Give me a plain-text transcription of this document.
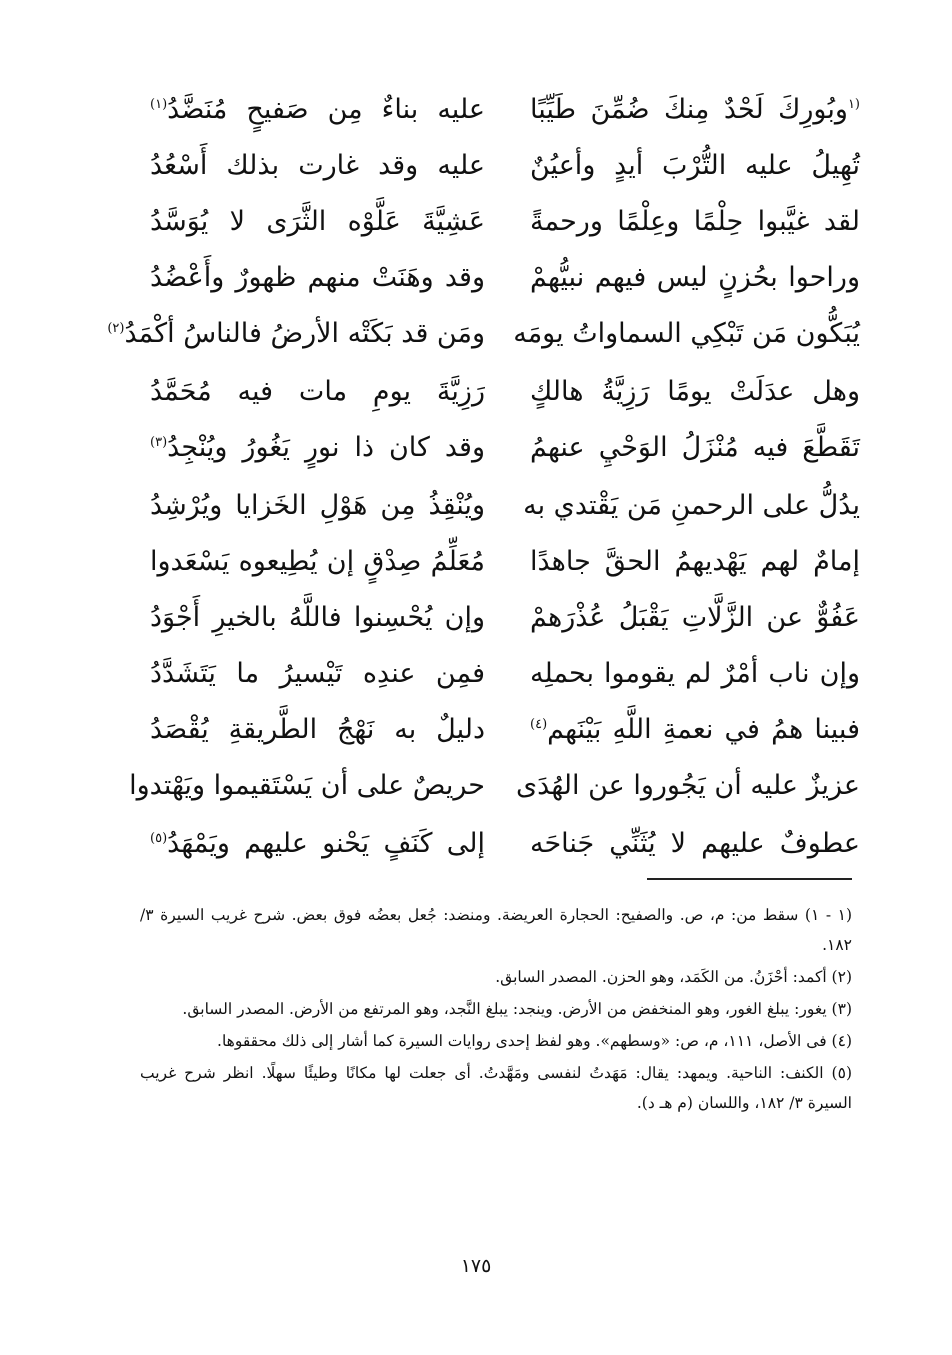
$^{(١}$وبُورِكَ لَحْدٌ مِنكَ ضُمِّنَ طَيِّبًا
عليه بناءٌ مِن صَفيحٍ مُنَضَّدُ$^{(١)}$
تُهِيلُ عليه التُّرْبَ أيدٍ وأعيُنٌ
عليه وقد غارت بذلك أَسْعُدُ
لقد غيَّبوا حِلْمًا وعِلْمًا ورحمةً
عَشِيَّةَ عَلَّوْه الثَّرَى لا يُوَسَّدُ
وراحوا بحُزنٍ ليس فيهم نبيُّهمْ
وقد وهَنَتْ منهم ظهورٌ وأَعْضُدُ
يُبَكُّون مَن تَبْكِي السماواتُ يومَه
ومَن قد بَكَتْه الأرضُ فالناسُ أكْمَدُ$^{(٢)}$
وهل عدَلَتْ يومًا رَزِيَّةُ هالكٍ
رَزِيَّةَ يومِ مات فيه مُحَمَّدُ
تَقَطَّعَ فيه مُنْزَلُ الوَحْيِ عنهمُ
وقد كان ذا نورٍ يَغُورُ ويُنْجِدُ$^{(٣)}$
يدُلُّ على الرحمنِ مَن يَقْتدي به
ويُنْقِذُ مِن هَوْلِ الخَزايا ويُرْشِدُ
إمامٌ لهم يَهْديهمُ الحقَّ جاهدًا
مُعَلِّمُ صِدْقٍ إن يُطِيعوه يَسْعَدوا
عَفُوٌّ عن الزَّلَّاتِ يَقْبَلُ عُذْرَهمْ
وإن يُحْسِنوا فاللَّهُ بالخيرِ أَجْوَدُ
وإن ناب أمْرٌ لم يقوموا بحملِه
فمِن عندِه تَيْسيرُ ما يَتَشَدَّدُ
فبينا همُ في نعمةِ اللَّهِ بَيْنَهم$^{(٤)}$
دليلٌ به نَهْجُ الطَّريقةِ يُقْصَدُ
عزيزٌ عليه أن يَجُوروا عن الهُدَى
حريصٌ على أن يَسْتَقيموا ويَهْتدوا
عطوفٌ عليهم لا يُثَنِّي جَناحَه
إلى كَنَفٍ يَحْنو عليهم ويَمْهَدُ$^{(٥)}$

(١ - ١) سقط من: م، ص. والصفيح: الحجارة العريضة. ومنضد: جُعل بعضُه فوق بعض. شرح غريب السيرة ٣/ ١٨٢.

(٢) أكمد: أحْزَنُ. من الكَمَد، وهو الحزن. المصدر السابق.

(٣) يغور: يبلغ الغور، وهو المنخفض من الأرض. وينجد: يبلغ النَّجد، وهو المرتفع من الأرض. المصدر السابق.

(٤) فى الأصل، ١١١، م، ص: «وسطهم». وهو لفظ إحدى روايات السيرة كما أشار إلى ذلك محققوها.

(٥) الكنف: الناحية. ويمهد: يقال: مَهَدتُ لنفسى ومَهَّدتُ. أى جعلت لها مكانًا وطيئًا سهلًا. انظر شرح غريب السيرة ٣/ ١٨٢، واللسان (م هـ د).

١٧٥
